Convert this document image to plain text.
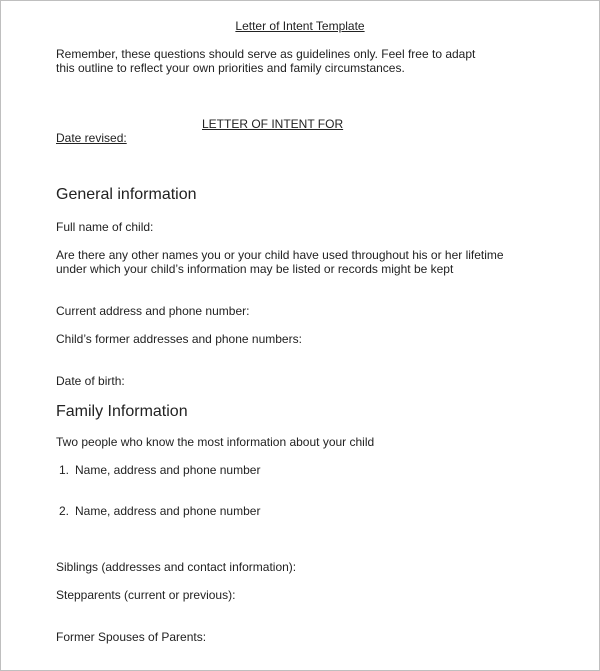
Letter of Intent Template

Remember, these questions should serve as guidelines only. Feel free to adapt

this outline to reflect your own priorities and family circumstances.

LETTER OF INTENT FOR

Date revised:

General information

Full name of child:

Are there any other names you or your child have used throughout his or her lifetime

under which your child’s information may be listed or records might be kept

Current address and phone number:

Child’s former addresses and phone numbers:

Date of birth:

Family Information

Two people who know the most information about your child

1. Name, address and phone number

2. Name, address and phone number

Siblings (addresses and contact information):

Stepparents (current or previous):

Former Spouses of Parents:
